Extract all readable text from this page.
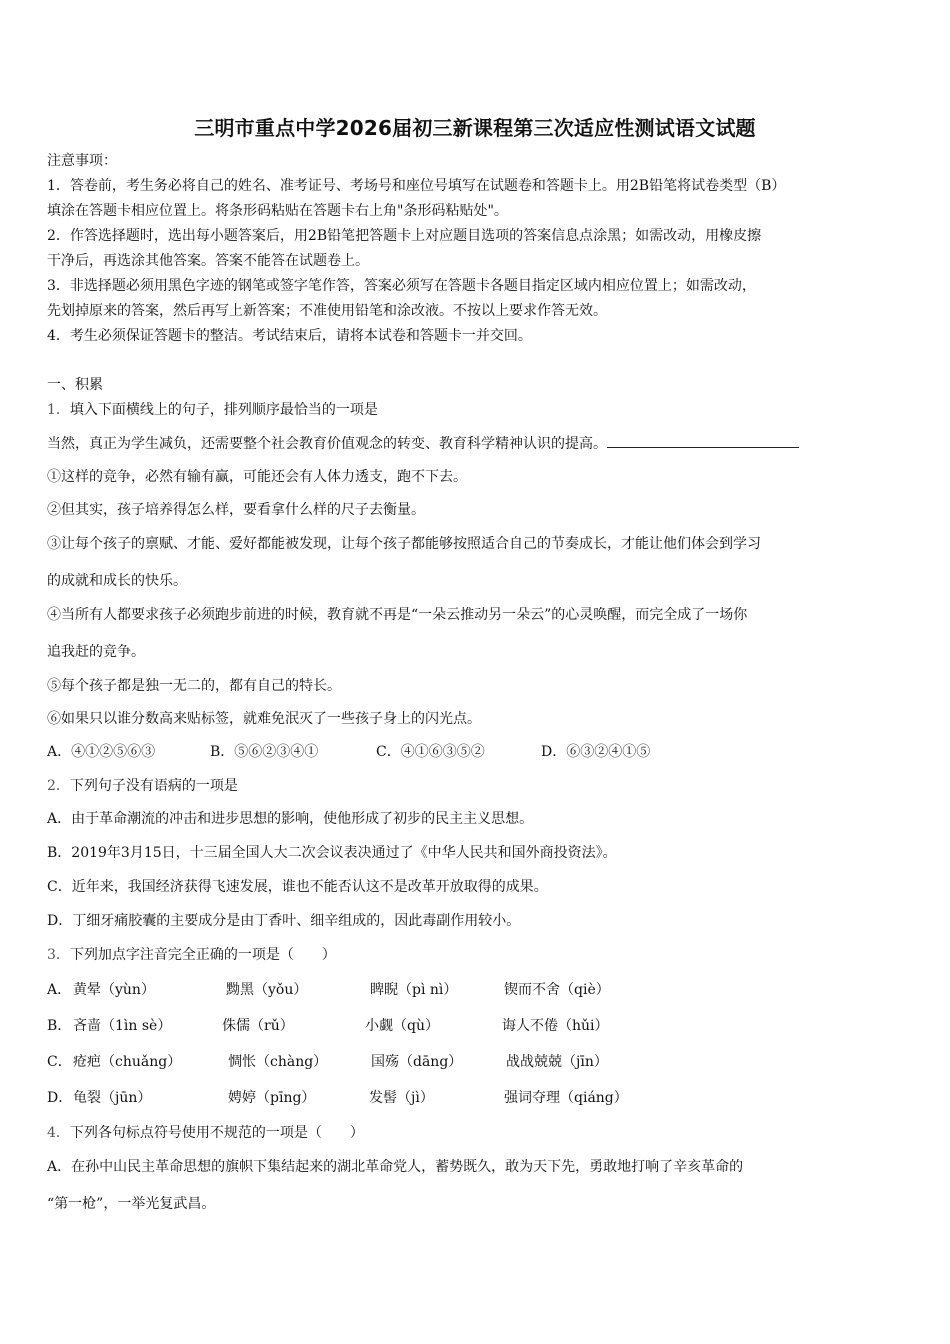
三明市重点中学2026届初三新课程第三次适应性测试语文试题
注意事项：
1．答卷前，考生务必将自己的姓名、准考证号、考场号和座位号填写在试题卷和答题卡上。用2B铅笔将试卷类型（B）
填涂在答题卡相应位置上。将条形码粘贴在答题卡右上角"条形码粘贴处"。
2．作答选择题时，选出每小题答案后，用2B铅笔把答题卡上对应题目选项的答案信息点涂黑；如需改动，用橡皮擦
干净后，再选涂其他答案。答案不能答在试题卷上。
3．非选择题必须用黑色字迹的钢笔或签字笔作答，答案必须写在答题卡各题目指定区域内相应位置上；如需改动，
先划掉原来的答案，然后再写上新答案；不准使用铅笔和涂改液。不按以上要求作答无效。
4．考生必须保证答题卡的整洁。考试结束后，请将本试卷和答题卡一并交回。
一、积累
1．填入下面横线上的句子，排列顺序最恰当的一项是
当然，真正为学生减负，还需要整个社会教育价值观念的转变、教育科学精神认识的提高。
①这样的竞争，必然有输有赢，可能还会有人体力透支，跑不下去。
②但其实，孩子培养得怎么样，要看拿什么样的尺子去衡量。
③让每个孩子的禀赋、才能、爱好都能被发现，让每个孩子都能够按照适合自己的节奏成长，才能让他们体会到学习
的成就和成长的快乐。
④当所有人都要求孩子必须跑步前进的时候，教育就不再是“一朵云推动另一朵云”的心灵唤醒，而完全成了一场你
追我赶的竞争。
⑤每个孩子都是独一无二的，都有自己的特长。
⑥如果只以谁分数高来贴标签，就难免泯灭了一些孩子身上的闪光点。
A．④①②⑤⑥③	B．⑤⑥②③④①	C．④①⑥③⑤②	D．⑥③②④①⑤
2．下列句子没有语病的一项是
A．由于革命潮流的冲击和进步思想的影响，使他形成了初步的民主主义思想。
B．2019年3月15日，十三届全国人大二次会议表决通过了《中华人民共和国外商投资法》。
C．近年来，我国经济获得飞速发展，谁也不能否认这不是改革开放取得的成果。
D．丁细牙痛胶囊的主要成分是由丁香叶、细辛组成的，因此毒副作用较小。
3．下列加点字注音完全正确的一项是（　　）
A． 黄晕（yùn）	黝黑（yǒu）	睥睨（pì nì）	锲而不舍（qiè）
B． 吝啬（1ìn sè）	侏儒（rǔ）	小觑（qù）	诲人不倦（hǔi）
C． 疮疤（chuǎng）	惆怅（chàng）	国殇（dāng）	战战兢兢（jīn）
D． 龟裂（jūn）	娉婷（pīng）	发髻（jì）	强词夺理（qiáng）
4．下列各句标点符号使用不规范的一项是（　　）
A．在孙中山民主革命思想的旗帜下集结起来的湖北革命党人，蓄势既久，敢为天下先，勇敢地打响了辛亥革命的
“第一枪”，一举光复武昌。
